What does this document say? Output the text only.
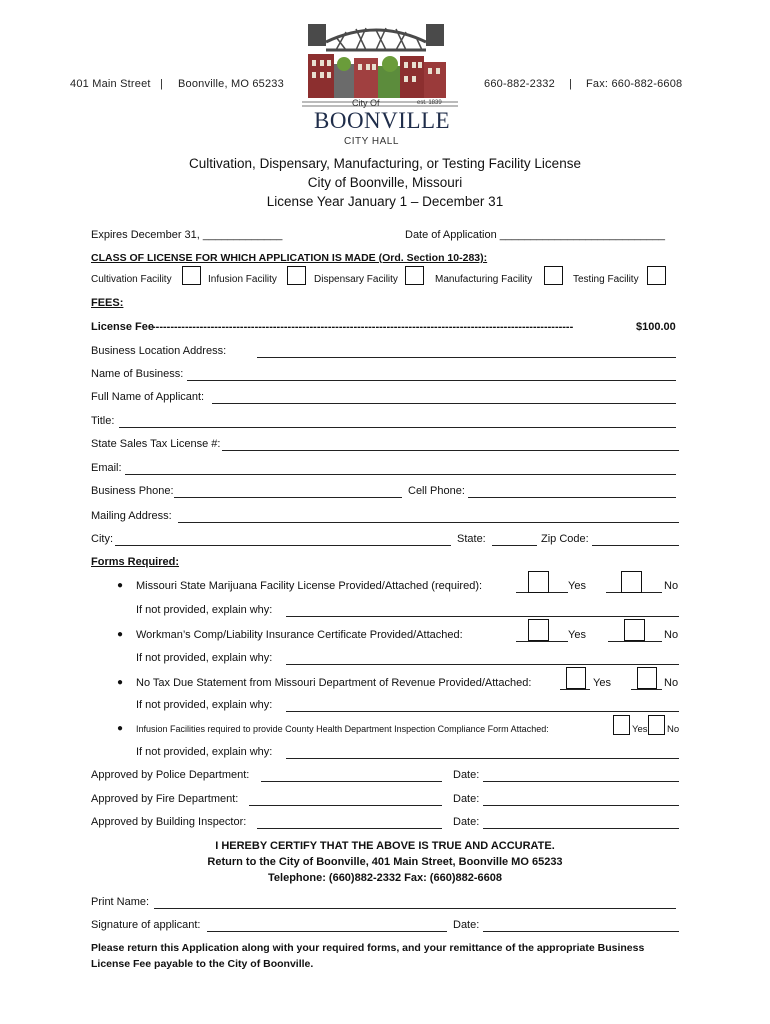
401 Main Street | Boonville, MO 65233	660-882-2332 | Fax: 660-882-6608
City Of	est. 1839
BOONVILLE
CITY HALL
Cultivation, Dispensary, Manufacturing, or Testing Facility License
City of Boonville, Missouri
License Year January 1 – December 31
Expires December 31, _____________	Date of Application ___________________________
CLASS OF LICENSE FOR WHICH APPLICATION IS MADE (Ord. Section 10-283):
Cultivation Facility	Infusion Facility	Dispensary Facility	Manufacturing Facility	Testing Facility
FEES:
License Fee
-------------------------------------------------------------------------------------------------------------------	$100.00
Business Location Address:
Name of Business:
Full Name of Applicant:
Title:
State Sales Tax License #:
Email:
Business Phone:	Cell Phone:
Mailing Address:
City:	State:	Zip Code:
Forms Required:
● Missouri State Marijuana Facility License Provided/Attached (required):	Yes	No
If not provided, explain why:
● Workman’s Comp/Liability Insurance Certificate Provided/Attached:	Yes	No
If not provided, explain why:
● No Tax Due Statement from Missouri Department of Revenue Provided/Attached:	Yes	No
If not provided, explain why:
● Infusion Facilities required to provide County Health Department Inspection Compliance Form Attached:	Yes No
If not provided, explain why:
Approved by Police Department:	Date:
Approved by Fire Department:	Date:
Approved by Building Inspector:	Date:
I HEREBY CERTIFY THAT THE ABOVE IS TRUE AND ACCURATE.
Return to the City of Boonville, 401 Main Street, Boonville MO 65233
Telephone: (660)882-2332 Fax: (660)882-6608
Print Name:
Signature of applicant:	Date:
Please return this Application along with your required forms, and your remittance of the appropriate Business
License Fee payable to the City of Boonville.
